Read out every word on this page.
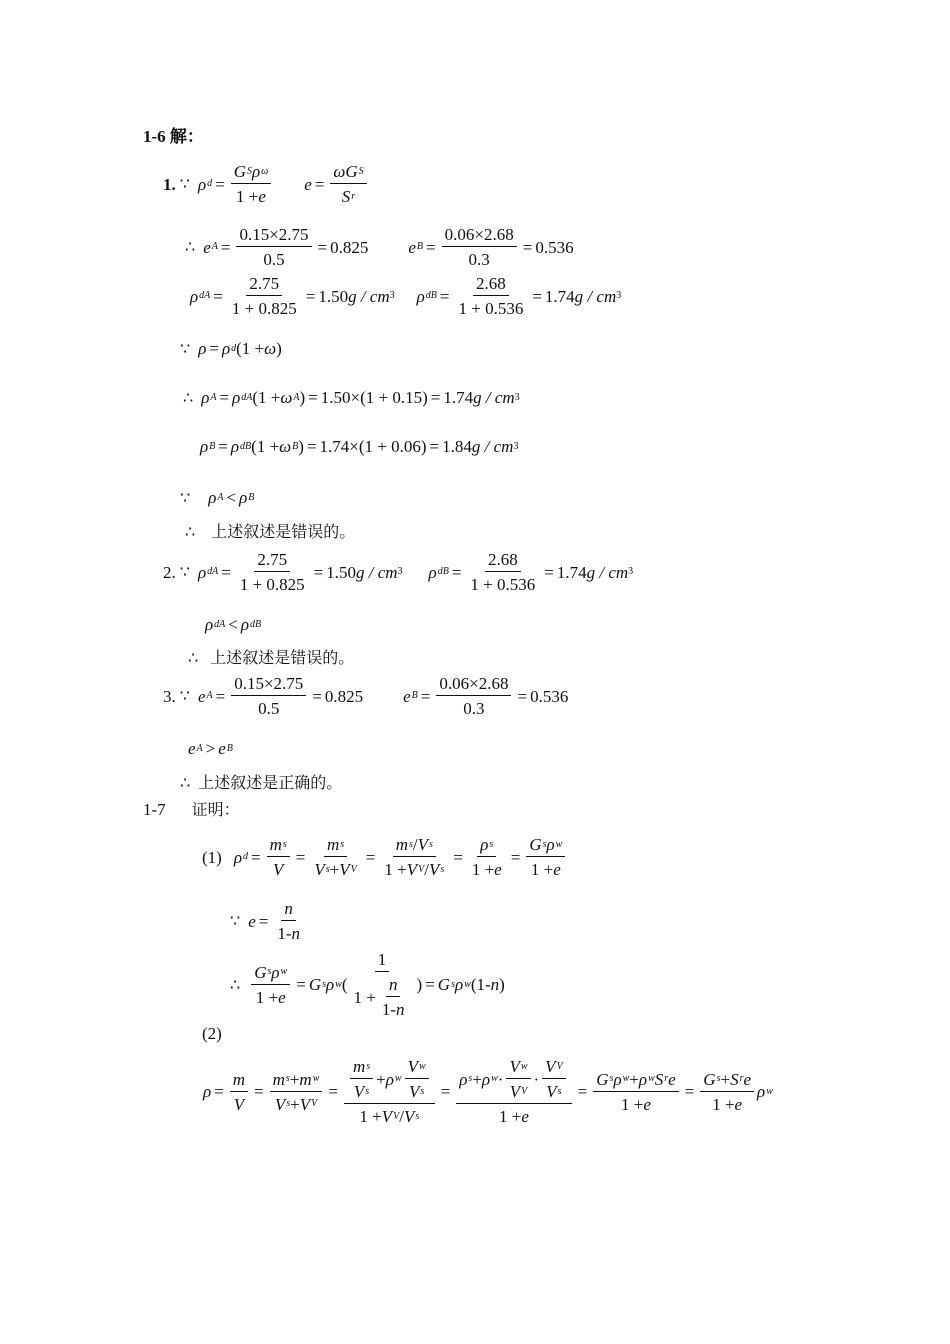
1-6 解：
1. ∵ ρ $d = \frac{\text{G S ρ ω}}{1 + e}$ $e = \frac{\text{ωG S}}{\text{S r}}$
∴ e $A = \frac{0.15\times 2.75}{0.5} = 0.825$ e $B = \frac{0.06\times 2.68}{0.3} = 0.536$
ρ dA = $\frac{2.75}{1 + 0.825} = 1.50$ g / cm 3 ρ dB = $\frac{2.68}{1 + 0.536} = 1.74$ g / cm 3
∵ ρ = ρ d (1 + ω )
∴ ρ A = ρ dA (1 + ω A ) = 1.50×(1 + 0.15) = 1.74 g / cm 3
ρ B = ρ dB (1 + ω B ) = 1.74×(1 + 0.06) = 1.84 g / cm 3
∵ ρ A < ρ B
∴ 上述叙述是错误的。
2. ∵ ρ dA = $\frac{2.75}{1 + 0.825} = 1.50$ g / cm 3 ρ dB = $\frac{2.68}{1 + 0.536} = 1.74$ g / cm 3
ρ dA < ρ dB
∴ 上述叙述是错误的。
3. ∵ e $A = \frac{0.15\times 2.75}{0.5} = 0.825$ e $B = \frac{0.06\times 2.68}{0.3} = 0.536$
e A > e B
∴ 上述叙述是正确的。
1-7 证明：
(1) ρ $d = \frac{\text{m s}}{V} = \frac{\text{m s}}{\text{V s + V V}} = \frac{\text{m s / V s}}{\text{1 + V V / V s}} = \frac{\text{ρ s}}{1 + e} = \frac{\text{G s ρ w}}{1 + e}$
∵ $e = \frac{n}{1- n}$
∴ $\frac{\text{G s ρ w}}{1 + e} = G$ s ρ w ( $\frac{1}{1 + \frac{n}{1- n}}$ ) = G s ρ w (1- n )
(2)
$\rho = \frac{m}{V} = \frac{\text{m s + m w}}{\text{V s + V V}} = \frac{\frac{\text{m s}}{\text{V s}} + \rho w \frac{\text{V w}}{\text{V s}}}{\text{1 + V V / V s}} = \frac{\rho s + \rho w \cdot \frac{\text{V w}}{\text{V V}} \cdot \frac{\text{V V}}{\text{V s}}}{1 + e} = \frac{\text{G s ρ w + ρ w S r e}}{1 + e} = \frac{\text{G s + S r e}}{1 + e}$ ρ w
